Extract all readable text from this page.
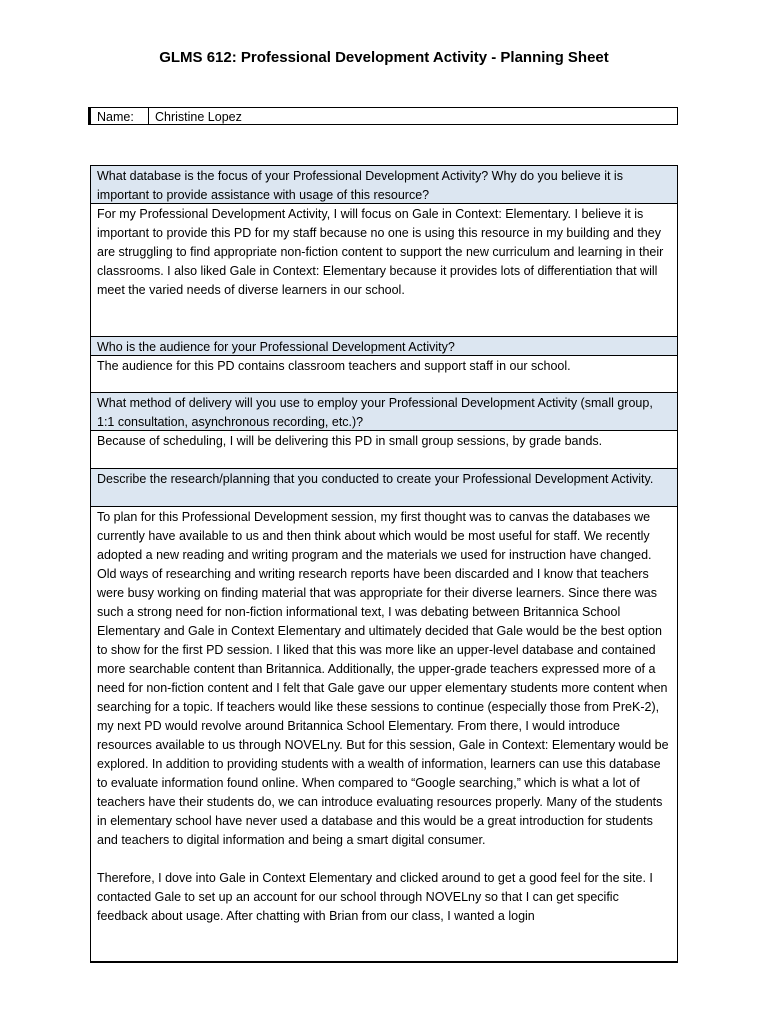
GLMS 612: Professional Development Activity - Planning Sheet
Name:	Christine Lopez
What database is the focus of your Professional Development Activity? Why do you believe it is important to provide assistance with usage of this resource?

For my Professional Development Activity, I will focus on Gale in Context: Elementary. I believe it is important to provide this PD for my staff because no one is using this resource in my building and they are struggling to find appropriate non-fiction content to support the new curriculum and learning in their classrooms. I also liked Gale in Context: Elementary because it provides lots of differentiation that will meet the varied needs of diverse learners in our school.

Who is the audience for your Professional Development Activity?

The audience for this PD contains classroom teachers and support staff in our school.

What method of delivery will you use to employ your Professional Development Activity (small group, 1:1 consultation, asynchronous recording, etc.)?

Because of scheduling, I will be delivering this PD in small group sessions, by grade bands.

Describe the research/planning that you conducted to create your Professional Development Activity.

To plan for this Professional Development session, my first thought was to canvas the databases we currently have available to us and then think about which would be most useful for staff. We recently adopted a new reading and writing program and the materials we used for instruction have changed. Old ways of researching and writing research reports have been discarded and I know that teachers were busy working on finding material that was appropriate for their diverse learners. Since there was such a strong need for non-fiction informational text, I was debating between Britannica School Elementary and Gale in Context Elementary and ultimately decided that Gale would be the best option to show for the first PD session. I liked that this was more like an upper-level database and contained more searchable content than Britannica. Additionally, the upper-grade teachers expressed more of a need for non-fiction content and I felt that Gale gave our upper elementary students more content when searching for a topic. If teachers would like these sessions to continue (especially those from PreK-2), my next PD would revolve around Britannica School Elementary. From there, I would introduce resources available to us through NOVELny. But for this session, Gale in Context: Elementary would be explored. In addition to providing students with a wealth of information, learners can use this database to evaluate information found online. When compared to “Google searching,” which is what a lot of teachers have their students do, we can introduce evaluating resources properly. Many of the students in elementary school have never used a database and this would be a great introduction for students and teachers to digital information and being a smart digital consumer.

Therefore, I dove into Gale in Context Elementary and clicked around to get a good feel for the site. I contacted Gale to set up an account for our school through NOVELny so that I can get specific feedback about usage. After chatting with Brian from our class, I wanted a login
